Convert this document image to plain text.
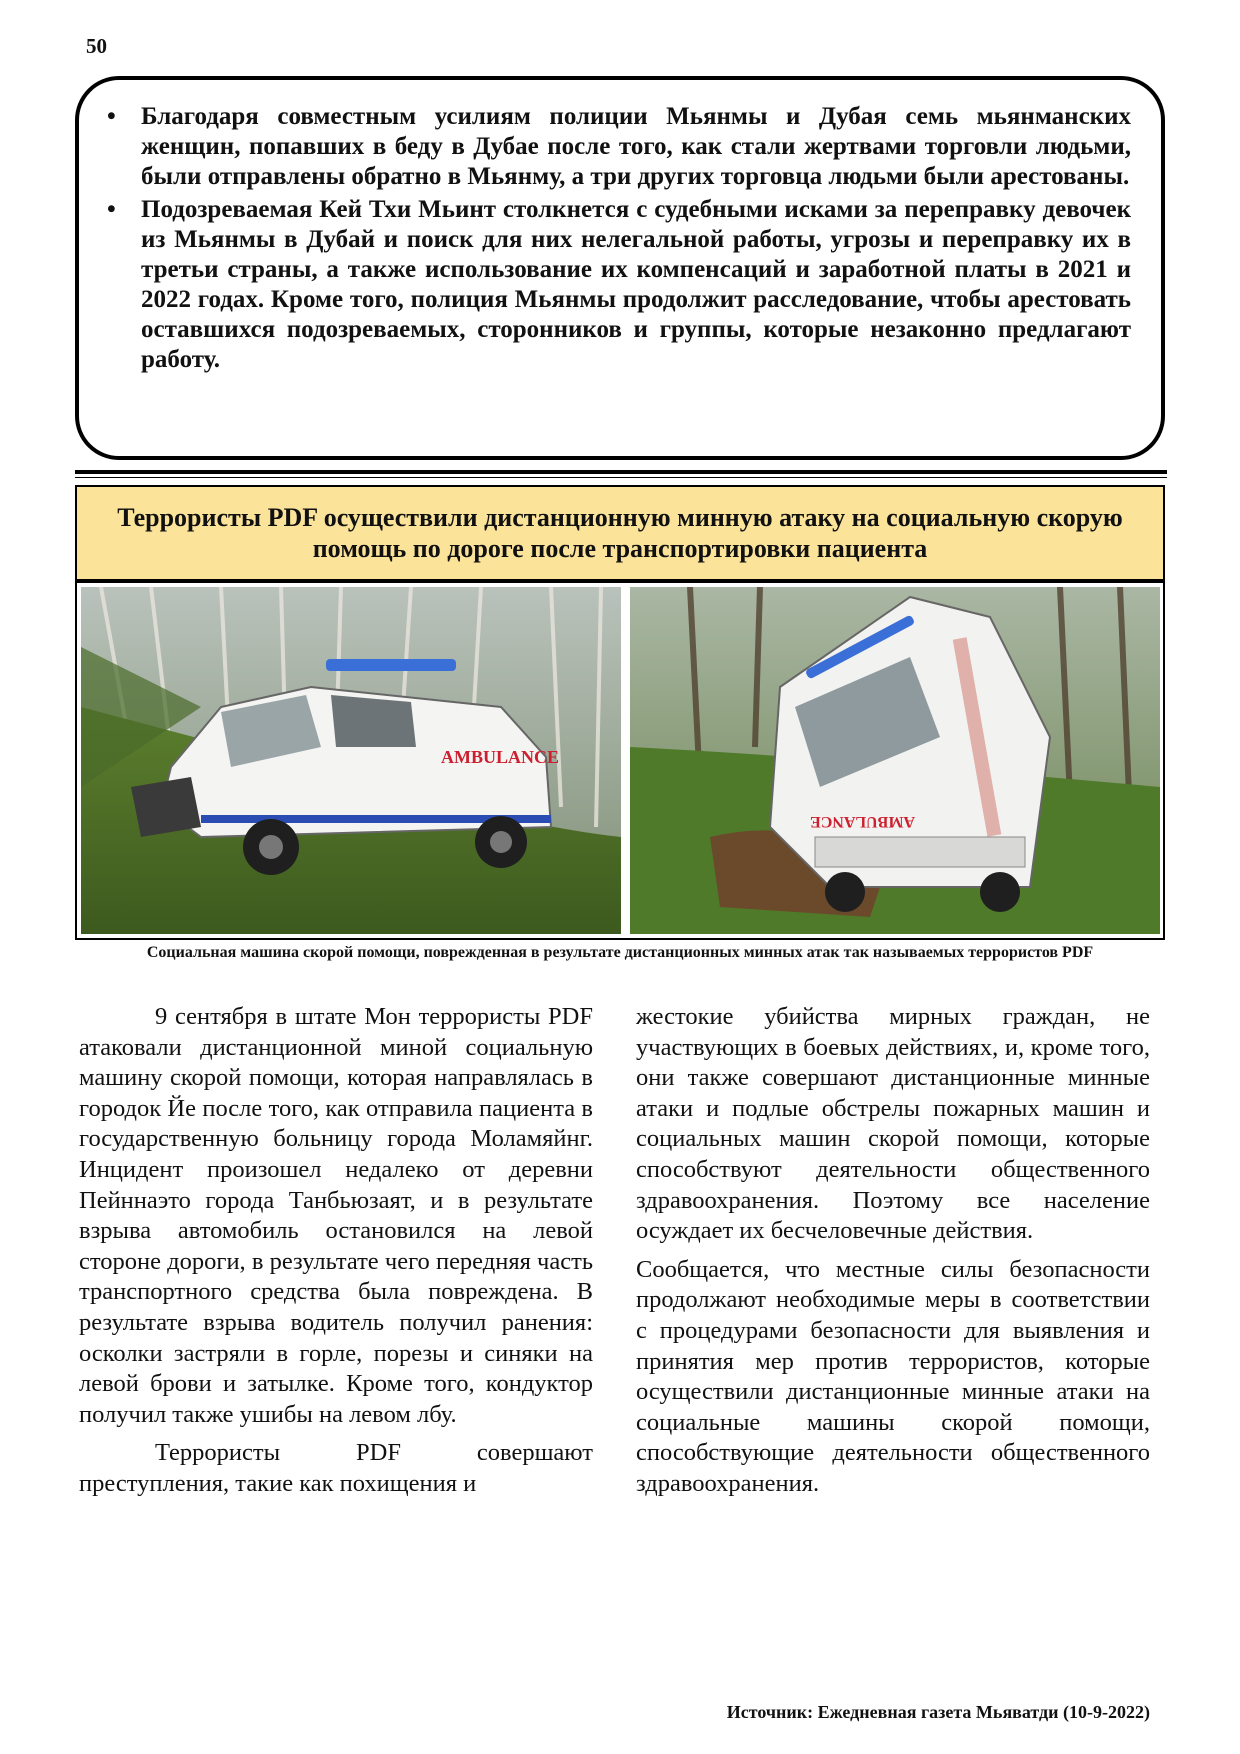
50
• Благодаря совместным усилиям полиции Мьянмы и Дубая семь мьянманских женщин, попавших в беду в Дубае после того, как стали жертвами торговли людьми, были отправлены обратно в Мьянму, а три других торговца людьми были арестованы.
• Подозреваемая Кей Тхи Мьинт столкнется с судебными исками за переправку девочек из Мьянмы в Дубай и поиск для них нелегальной работы, угрозы и переправку их в третьи страны, а также использование их компенсаций и заработной платы в 2021 и 2022 годах. Кроме того, полиция Мьянмы продолжит расследование, чтобы арестовать оставшихся подозреваемых, сторонников и группы, которые незаконно предлагают работу.
Террористы PDF осуществили дистанционную минную атаку на социальную скорую помощь по дороге после транспортировки пациента
AMBULANCE
AMBULANCE
Социальная машина скорой помощи, поврежденная в результате дистанционных минных атак так называемых террористов PDF

9 сентября в штате Мон террористы PDF атаковали дистанционной миной социальную машину скорой помощи, которая направлялась в городок Йе после того, как отправила пациента в государственную больницу города Моламяйнг. Инцидент произошел недалеко от деревни Пейннаэто города Танбьюзаят, и в результате взрыва автомобиль остановился на левой стороне дороги, в результате чего передняя часть транспортного средства была повреждена. В результате взрыва водитель получил ранения: осколки застряли в горле, порезы и синяки на левой брови и затылке. Кроме того, кондуктор получил также ушибы на левом лбу.

Террористы PDF совершают преступления, такие как похищения и

жестокие убийства мирных граждан, не участвующих в боевых действиях, и, кроме того, они также совершают дистанционные минные атаки и подлые обстрелы пожарных машин и социальных машин скорой помощи, которые способствуют деятельности общественного здравоохранения. Поэтому все население осуждает их бесчеловечные действия.

Сообщается, что местные силы безопасности продолжают необходимые меры в соответствии с процедурами безопасности для выявления и принятия мер против террористов, которые осуществили дистанционные минные атаки на социальные машины скорой помощи, способствующие деятельности общественного здравоохранения.

Источник: Ежедневная газета Мьяватди (10-9-2022)
